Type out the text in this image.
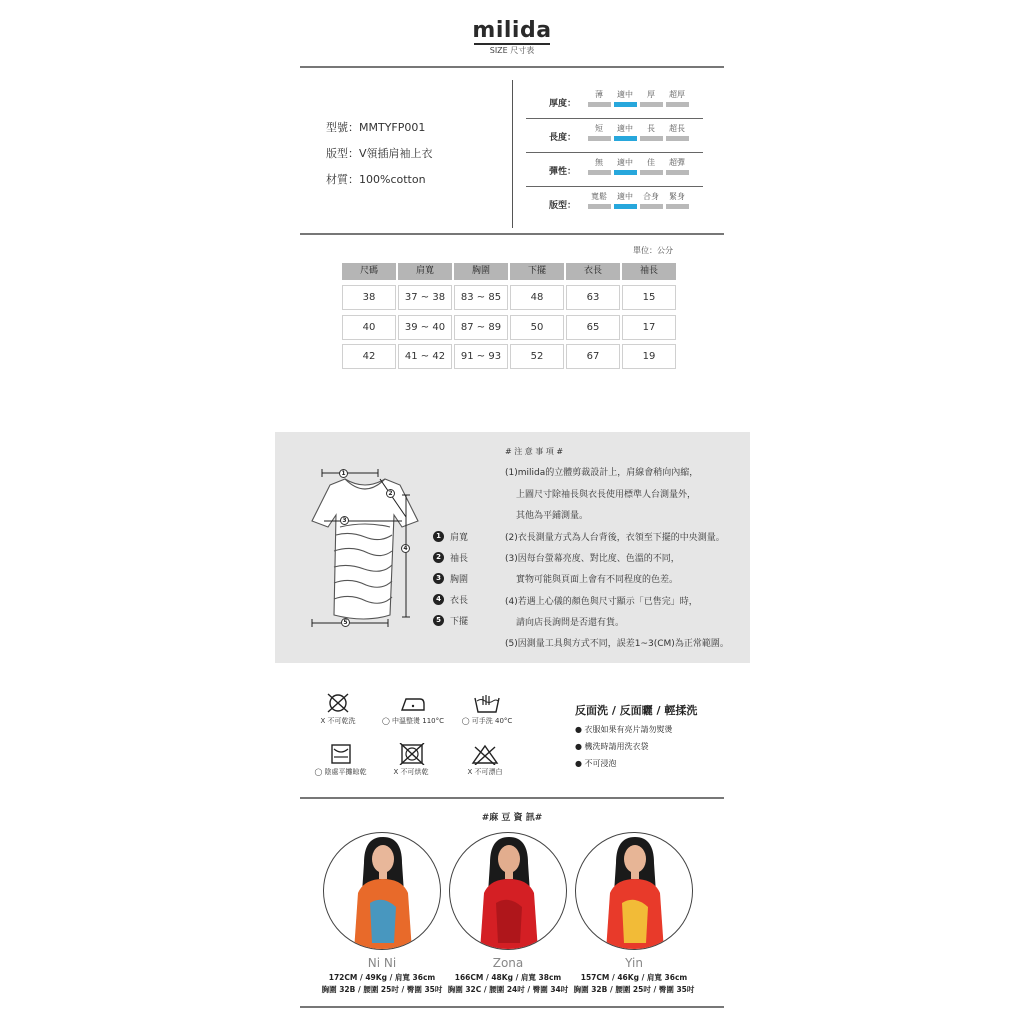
milida
SIZE 尺寸表
型號：MMTYFP001
版型：V領插肩袖上衣
材質：100%cotton
厚度：
薄	適中	厚	超厚
長度：
短	適中	長	超長
彈性：
無	適中	佳	超彈
版型：
寬鬆	適中	合身	緊身
單位：公分
尺碼	肩寬	胸圍	下擺	衣長	袖長
38	37 ~ 38	83 ~ 85	48	63	15
40	39 ~ 40	87 ~ 89	50	65	17
42	41 ~ 42	91 ~ 93	52	67	19
1
2
3
4
5
1	肩寬
2	袖長
3	胸圍
4	衣長
5	下擺
# 注 意 事 項 #
(1)milida的立體剪裁設計上，肩線會稍向內縮，
上圖尺寸除袖長與衣長使用標準人台測量外，
其他為平鋪測量。
(2)衣長測量方式為人台背後，衣領至下擺的中央測量。
(3)因每台螢幕亮度、對比度、色溫的不同，
實物可能與頁面上會有不同程度的色差。
(4)若遇上心儀的顏色與尺寸顯示「已售完」時，
請向店長詢問是否還有貨。
(5)因測量工具與方式不同，誤差1~3(CM)為正常範圍。
X 不可乾洗	◯ 中溫整燙 110°C	◯ 可手洗 40°C
◯ 陰處平攤晾乾	X 不可烘乾	X 不可漂白
反面洗 / 反面曬 / 輕揉洗
● 衣服如果有亮片請勿熨燙
● 機洗時請用洗衣袋
● 不可浸泡
#麻 豆 資 訊#
Ni Ni
172CM / 49Kg / 肩寬 36cm
胸圍 32B / 腰圍 25吋 / 臀圍 35吋
Zona
166CM / 48Kg / 肩寬 38cm
胸圍 32C / 腰圍 24吋 / 臀圍 34吋
Yin
157CM / 46Kg / 肩寬 36cm
胸圍 32B / 腰圍 25吋 / 臀圍 35吋
